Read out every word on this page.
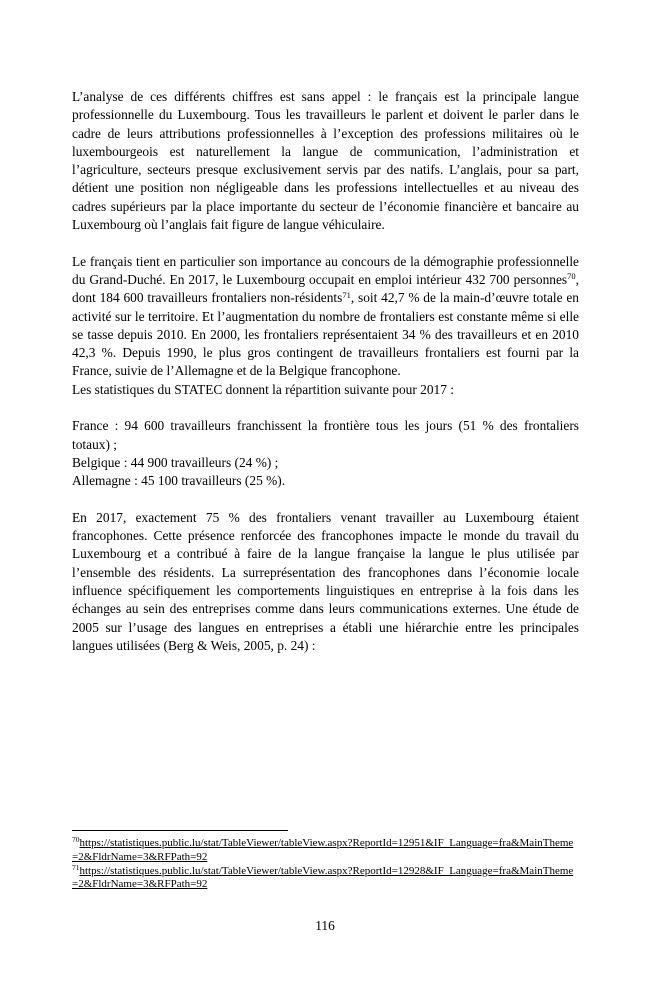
L’analyse de ces différents chiffres est sans appel : le français est la principale langue professionnelle du Luxembourg. Tous les travailleurs le parlent et doivent le parler dans le cadre de leurs attributions professionnelles à l’exception des professions militaires où le luxembourgeois est naturellement la langue de communication, l’administration et l’agriculture, secteurs presque exclusivement servis par des natifs. L’anglais, pour sa part, détient une position non négligeable dans les professions intellectuelles et au niveau des cadres supérieurs par la place importante du secteur de l’économie financière et bancaire au Luxembourg où l’anglais fait figure de langue véhiculaire.

Le français tient en particulier son importance au concours de la démographie professionnelle du Grand-Duché. En 2017, le Luxembourg occupait en emploi intérieur 432 700 personnes$^{70}$, dont 184 600 travailleurs frontaliers non-résidents$^{71}$, soit 42,7 % de la main-d’œuvre totale en activité sur le territoire. Et l’augmentation du nombre de frontaliers est constante même si elle se tasse depuis 2010. En 2000, les frontaliers représentaient 34 % des travailleurs et en 2010 42,3 %. Depuis 1990, le plus gros contingent de travailleurs frontaliers est fourni par la France, suivie de l’Allemagne et de la Belgique francophone.

Les statistiques du STATEC donnent la répartition suivante pour 2017 :

France : 94 600 travailleurs franchissent la frontière tous les jours (51 % des frontaliers totaux) ;

Belgique : 44 900 travailleurs (24 %) ;

Allemagne : 45 100 travailleurs (25 %).

En 2017, exactement 75 % des frontaliers venant travailler au Luxembourg étaient francophones. Cette présence renforcée des francophones impacte le monde du travail du Luxembourg et a contribué à faire de la langue française la langue le plus utilisée par l’ensemble des résidents. La surreprésentation des francophones dans l’économie locale influence spécifiquement les comportements linguistiques en entreprise à la fois dans les échanges au sein des entreprises comme dans leurs communications externes. Une étude de 2005 sur l’usage des langues en entreprises a établi une hiérarchie entre les principales langues utilisées (Berg & Weis, 2005, p. 24) :

$^{70}$https://statistiques.public.lu/stat/TableViewer/tableView.aspx?ReportId=12951&IF_Language=fra&MainTheme=2&FldrName=3&RFPath=92
$^{71}$https://statistiques.public.lu/stat/TableViewer/tableView.aspx?ReportId=12928&IF_Language=fra&MainTheme=2&FldrName=3&RFPath=92
116
